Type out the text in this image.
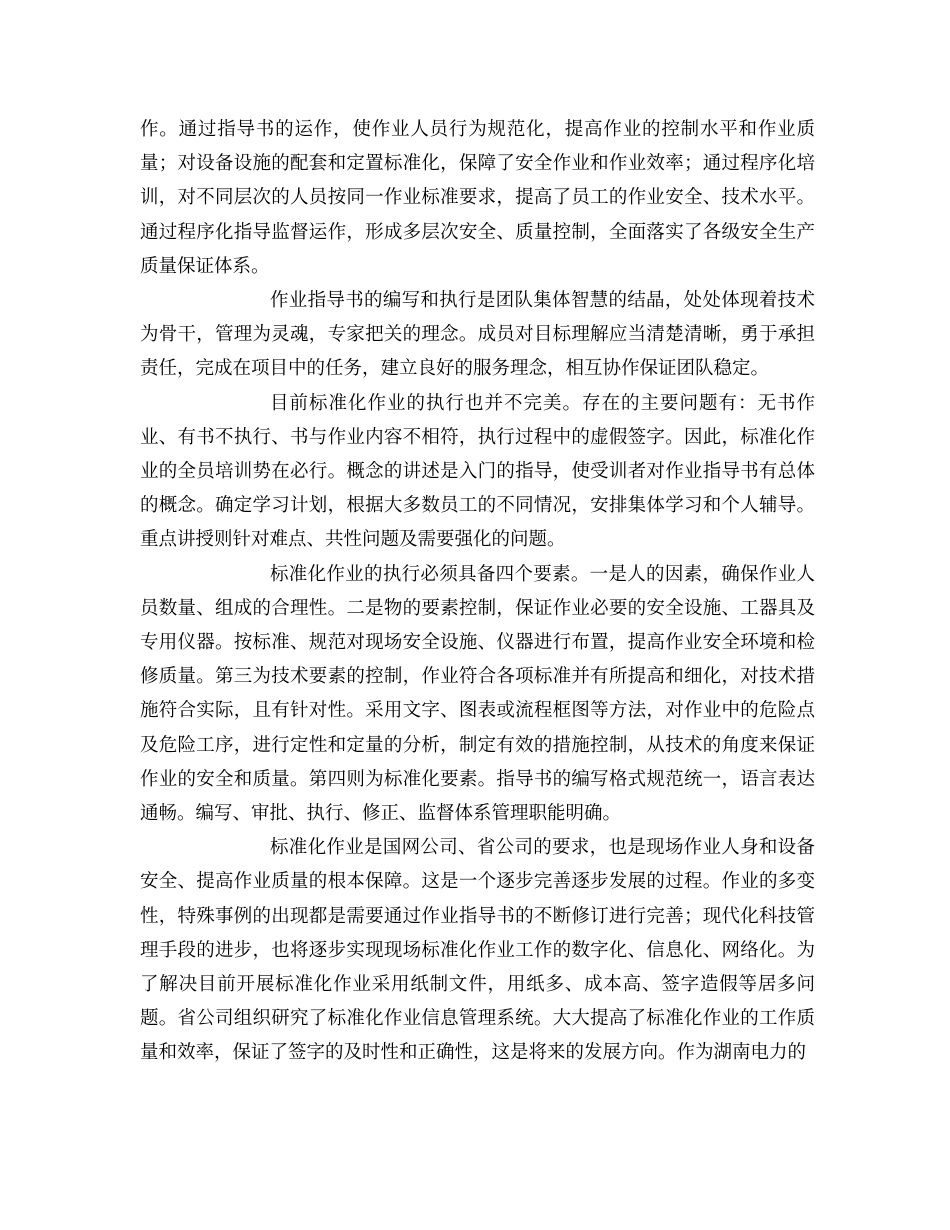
作。通过指导书的运作，使作业人员行为规范化，提高作业的控制水平和作业质量；对设备设施的配套和定置标准化，保障了安全作业和作业效率；通过程序化培训，对不同层次的人员按同一作业标准要求，提高了员工的作业安全、技术水平。通过程序化指导监督运作，形成多层次安全、质量控制，全面落实了各级安全生产质量保证体系。

作业指导书的编写和执行是团队集体智慧的结晶，处处体现着技术为骨干，管理为灵魂，专家把关的理念。成员对目标理解应当清楚清晰，勇于承担责任，完成在项目中的任务，建立良好的服务理念，相互协作保证团队稳定。

目前标准化作业的执行也并不完美。存在的主要问题有：无书作业、有书不执行、书与作业内容不相符，执行过程中的虚假签字。因此，标准化作业的全员培训势在必行。概念的讲述是入门的指导，使受训者对作业指导书有总体的概念。确定学习计划，根据大多数员工的不同情况，安排集体学习和个人辅导。重点讲授则针对难点、共性问题及需要强化的问题。

标准化作业的执行必须具备四个要素。一是人的因素，确保作业人员数量、组成的合理性。二是物的要素控制，保证作业必要的安全设施、工器具及专用仪器。按标准、规范对现场安全设施、仪器进行布置，提高作业安全环境和检修质量。第三为技术要素的控制，作业符合各项标准并有所提高和细化，对技术措施符合实际，且有针对性。采用文字、图表或流程框图等方法，对作业中的危险点及危险工序，进行定性和定量的分析，制定有效的措施控制，从技术的角度来保证作业的安全和质量。第四则为标准化要素。指导书的编写格式规范统一，语言表达通畅。编写、审批、执行、修正、监督体系管理职能明确。

标准化作业是国网公司、省公司的要求，也是现场作业人身和设备安全、提高作业质量的根本保障。这是一个逐步完善逐步发展的过程。作业的多变性，特殊事例的出现都是需要通过作业指导书的不断修订进行完善；现代化科技管理手段的进步，也将逐步实现现场标准化作业工作的数字化、信息化、网络化。为了解决目前开展标准化作业采用纸制文件，用纸多、成本高、签字造假等居多问题。省公司组织研究了标准化作业信息管理系统。大大提高了标准化作业的工作质量和效率，保证了签字的及时性和正确性，这是将来的发展方向。作为湖南电力的
